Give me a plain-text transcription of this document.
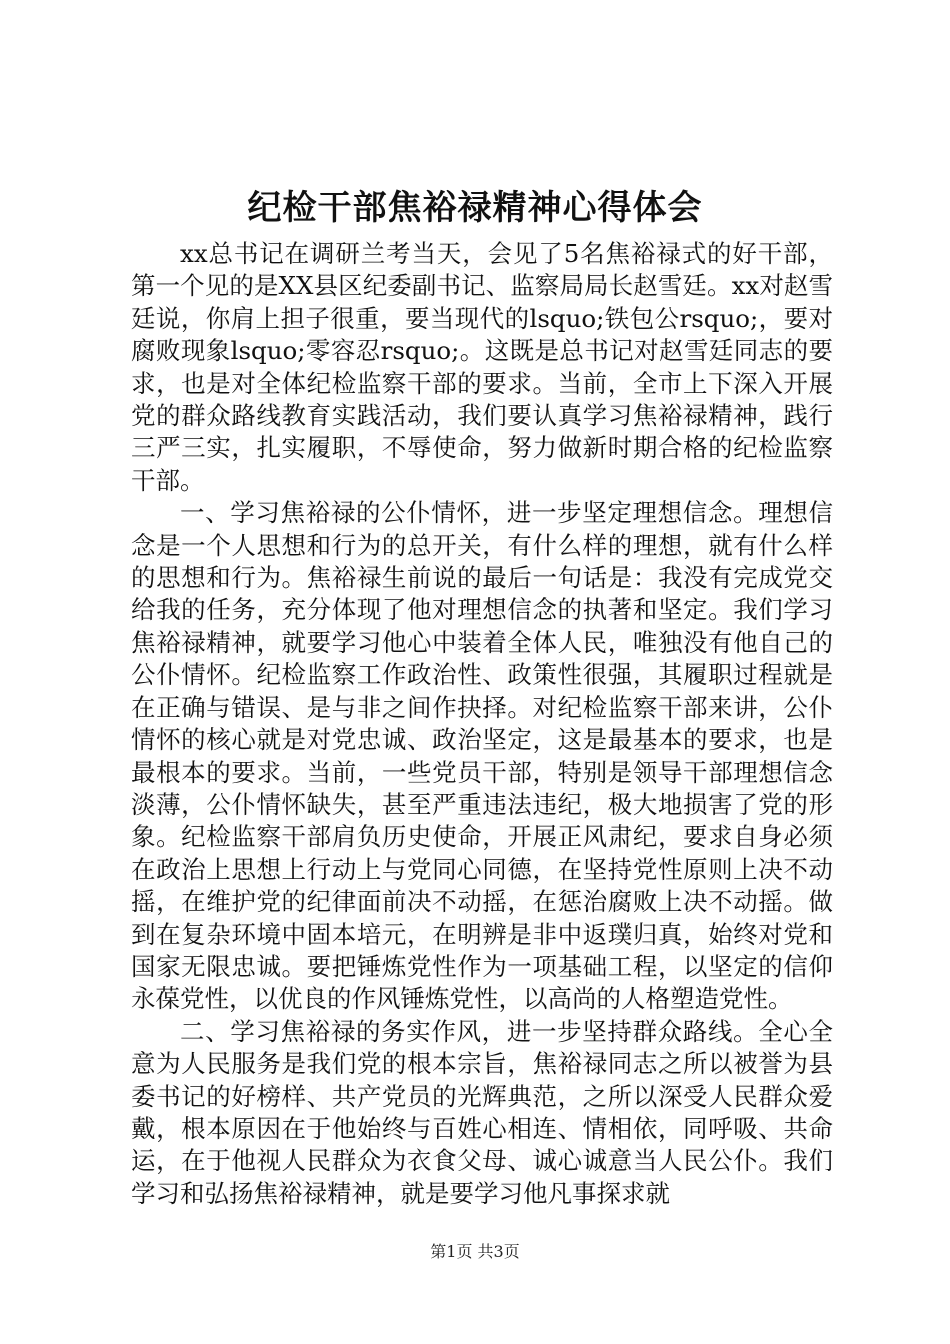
纪检干部焦裕禄精神心得体会

xx总书记在调研兰考当天，会见了5名焦裕禄式的好干部，第一个见的是XX县区纪委副书记、监察局局长赵雪廷。xx对赵雪廷说，你肩上担子很重，要当现代的lsquo;铁包公rsquo;，要对腐败现象lsquo;零容忍rsquo;。这既是总书记对赵雪廷同志的要求，也是对全体纪检监察干部的要求。当前，全市上下深入开展党的群众路线教育实践活动，我们要认真学习焦裕禄精神，践行三严三实，扎实履职，不辱使命，努力做新时期合格的纪检监察干部。

一、学习焦裕禄的公仆情怀，进一步坚定理想信念。理想信念是一个人思想和行为的总开关，有什么样的理想，就有什么样的思想和行为。焦裕禄生前说的最后一句话是：我没有完成党交给我的任务，充分体现了他对理想信念的执著和坚定。我们学习焦裕禄精神，就要学习他心中装着全体人民，唯独没有他自己的公仆情怀。纪检监察工作政治性、政策性很强，其履职过程就是在正确与错误、是与非之间作抉择。对纪检监察干部来讲，公仆情怀的核心就是对党忠诚、政治坚定，这是最基本的要求，也是最根本的要求。当前，一些党员干部，特别是领导干部理想信念淡薄，公仆情怀缺失，甚至严重违法违纪，极大地损害了党的形象。纪检监察干部肩负历史使命，开展正风肃纪，要求自身必须在政治上思想上行动上与党同心同德，在坚持党性原则上决不动摇，在维护党的纪律面前决不动摇，在惩治腐败上决不动摇。做到在复杂环境中固本培元，在明辨是非中返璞归真，始终对党和国家无限忠诚。要把锤炼党性作为一项基础工程，以坚定的信仰永葆党性，以优良的作风锤炼党性，以高尚的人格塑造党性。

二、学习焦裕禄的务实作风，进一步坚持群众路线。全心全意为人民服务是我们党的根本宗旨，焦裕禄同志之所以被誉为县委书记的好榜样、共产党员的光辉典范，之所以深受人民群众爱戴，根本原因在于他始终与百姓心相连、情相依，同呼吸、共命运，在于他视人民群众为衣食父母、诚心诚意当人民公仆。我们学习和弘扬焦裕禄精神，就是要学习他凡事探求就

第1页 共3页
